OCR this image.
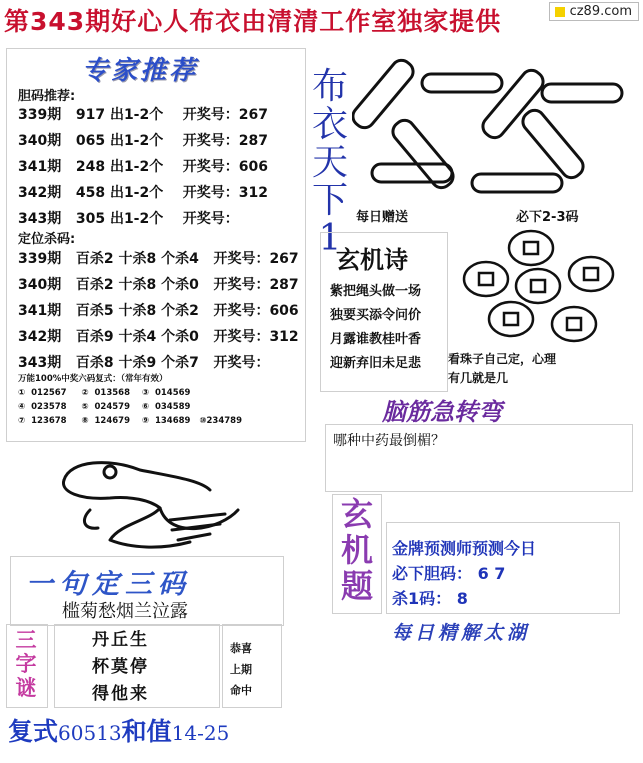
第343期好心人布衣由清清工作室独家提供	cz89.com
专家推荐
胆码推荐:
339期   917 出1-2个    开奖号：267
340期   065 出1-2个    开奖号：287
341期   248 出1-2个    开奖号：606
342期   458 出1-2个    开奖号：312
343期   305 出1-2个    开奖号：
定位杀码:
339期   百杀2 十杀8 个杀4   开奖号：267
340期   百杀2 十杀8 个杀0   开奖号：287
341期   百杀5 十杀8 个杀2   开奖号：606
342期   百杀9 十杀4 个杀0   开奖号：312
343期   百杀8 十杀9 个杀7   开奖号：
万能100%中奖六码复式：（常年有效）
①  012567     ②  013568    ③  014569
④  023578     ⑤  024579    ⑥  034589
⑦  123678     ⑧  124679    ⑨  134689   ⑩234789
布衣天下1
每日赠送	必下2-3码
玄机诗
紫把绳头做一场
独要买添令问价
月露谁教桂叶香
迎新弃旧未足悲 看珠子自己定，心理
有几就是几
脑筋急转弯
哪种中药最倒楣？
玄机题
金牌预测师预测今日
必下胆码： 6 7
杀1码： 8
每日精解太湖
一句定三码
槛菊愁烟兰泣露
三字谜
丹丘生
杯莫停
得他来
恭喜
上期
命中
复式60513和值14-25
